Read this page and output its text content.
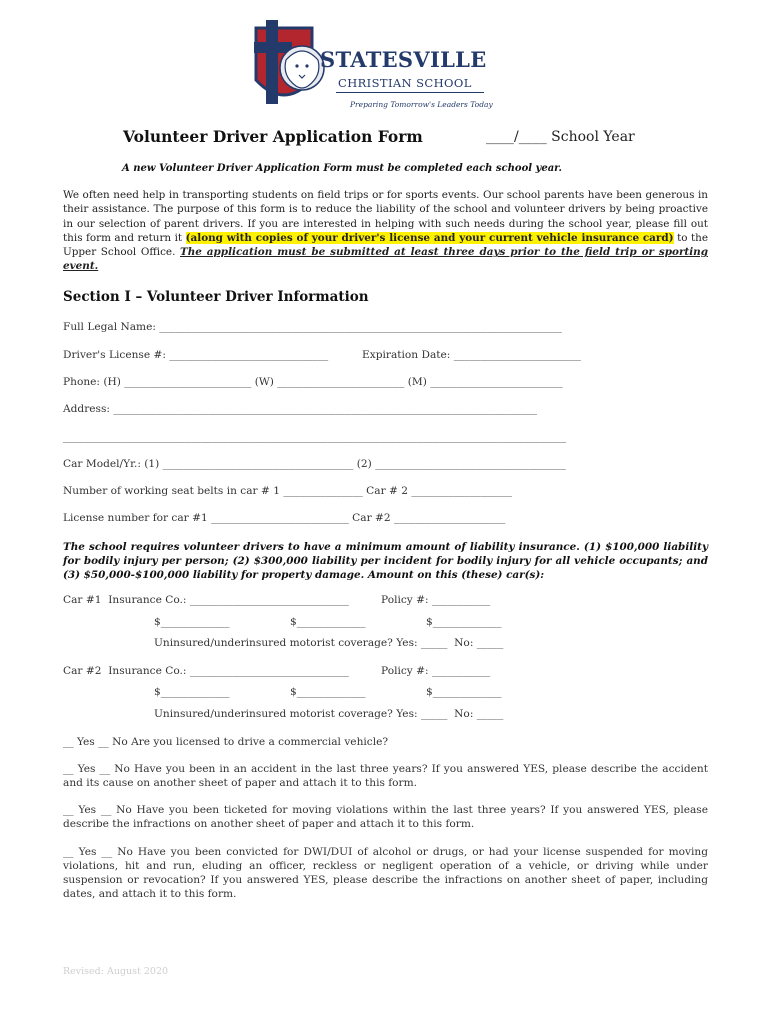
STATESVILLE
CHRISTIAN SCHOOL
Preparing Tomorrow's Leaders Today
Volunteer Driver Application Form	____/____ School Year
A new Volunteer Driver Application Form must be completed each school year.
We often need help in transporting students on field trips or for sports events. Our school parents have been generous in their assistance. The purpose of this form is to reduce the liability of the school and volunteer drivers by being proactive in our selection of parent drivers. If you are interested in helping with such needs during the school year, please fill out this form and return it (along with copies of your driver's license and your current vehicle insurance card) to the Upper School Office. The application must be submitted at least three days prior to the field trip or sporting event.
Section I – Volunteer Driver Information
Full Legal Name: ____________________________________________________________________________
Driver's License #: ______________________________	Expiration Date: ________________________
Phone: (H) ________________________ (W) ________________________ (M) _________________________
Address: ________________________________________________________________________________
_______________________________________________________________________________________________
Car Model/Yr.: (1) ____________________________________ (2) ____________________________________
Number of working seat belts in car # 1 _______________ Car # 2 ___________________
License number for car #1 __________________________ Car #2 _____________________
The school requires volunteer drivers to have a minimum amount of liability insurance. (1) $100,000 liability for bodily injury per person; (2) $300,000 liability per incident for bodily injury for all vehicle occupants; and (3) $50,000-$100,000 liability for property damage. Amount on this (these) car(s):
Car #1  Insurance Co.: ______________________________	Policy #: ___________
$_____________	$_____________	$_____________
Uninsured/underinsured motorist coverage? Yes: _____  No: _____
Car #2  Insurance Co.: ______________________________	Policy #: ___________
$_____________	$_____________	$_____________
Uninsured/underinsured motorist coverage? Yes: _____  No: _____
__ Yes __ No Are you licensed to drive a commercial vehicle?
__ Yes __ No Have you been in an accident in the last three years? If you answered YES, please describe the accident and its cause on another sheet of paper and attach it to this form.
__ Yes __ No Have you been ticketed for moving violations within the last three years? If you answered YES, please describe the infractions on another sheet of paper and attach it to this form.
__ Yes __ No Have you been convicted for DWI/DUI of alcohol or drugs, or had your license suspended for moving violations, hit and run, eluding an officer, reckless or negligent operation of a vehicle, or driving while under suspension or revocation? If you answered YES, please describe the infractions on another sheet of paper, including dates, and attach it to this form.
Revised: August 2020
